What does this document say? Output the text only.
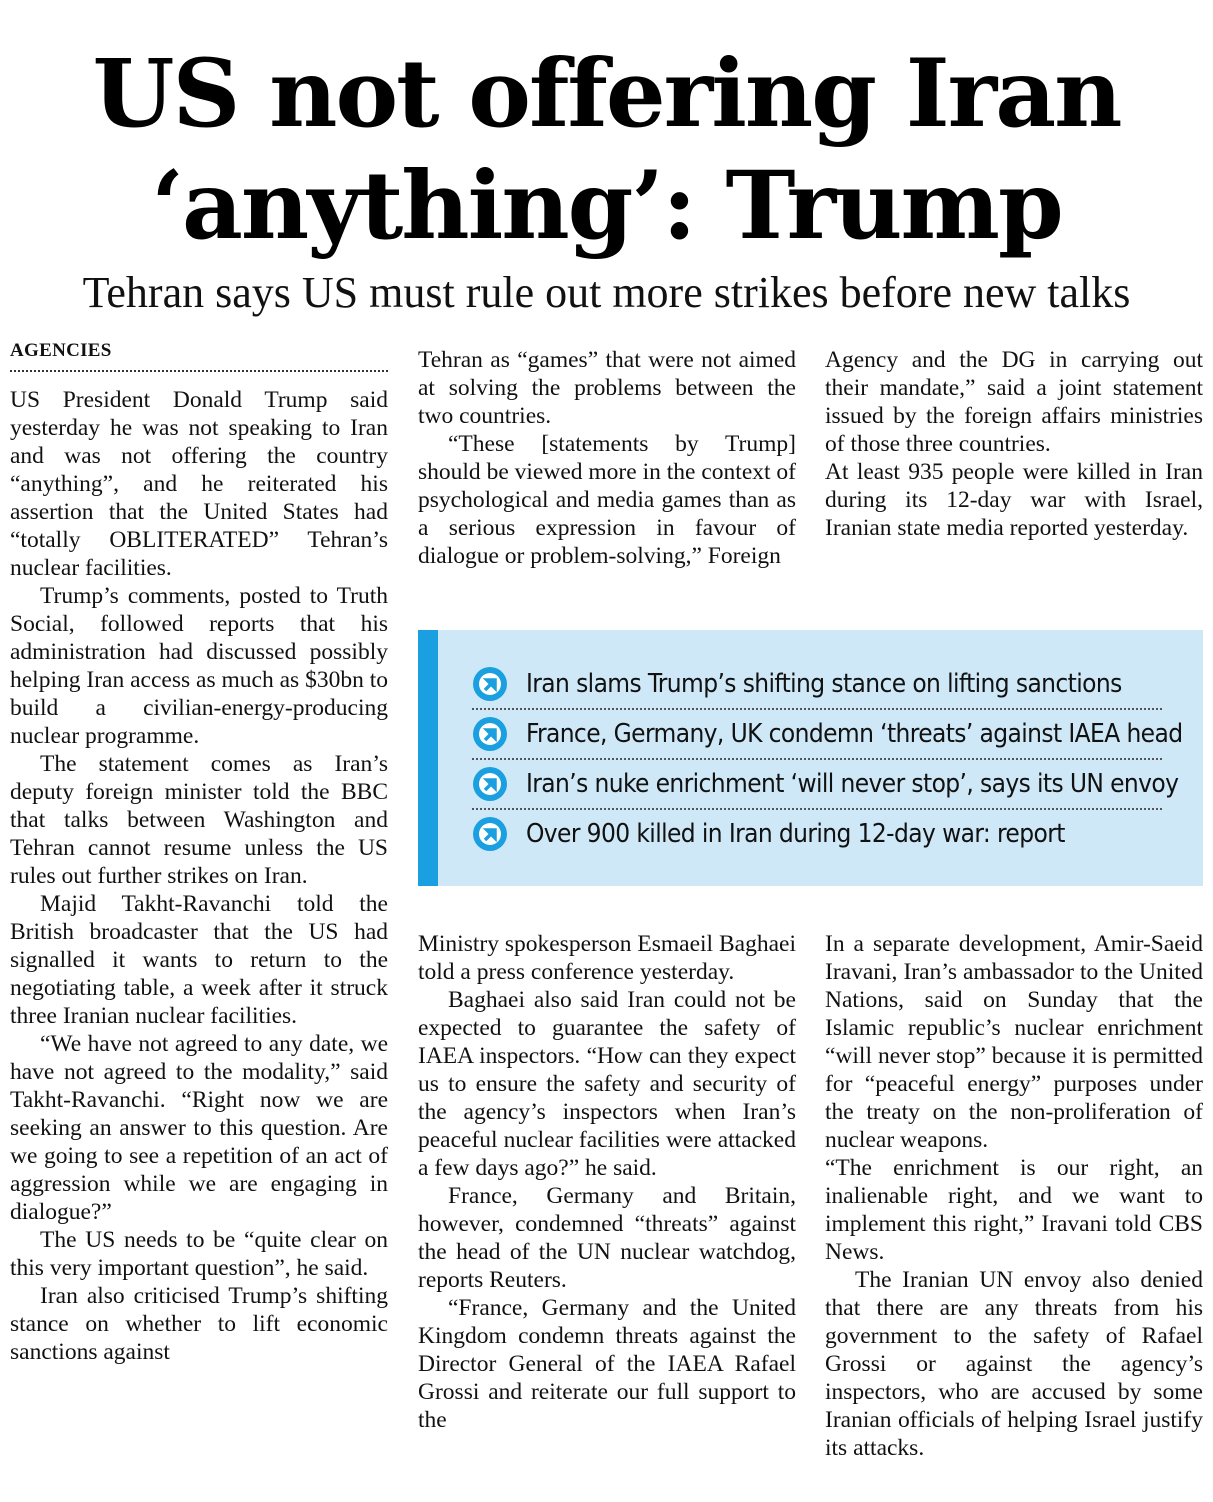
US not offering Iran
‘anything’: Trump
Tehran says US must rule out more strikes before new talks
AGENCIES

US President Donald Trump said yesterday he was not speaking to Iran and was not offering the country “anything”, and he reiterated his assertion that the United States had “totally OBLITERATED” Tehran’s nuclear facilities.

Trump’s comments, posted to Truth Social, followed reports that his administration had discussed possibly helping Iran access as much as $30bn to build a civilian-energy-producing nuclear programme.

The statement comes as Iran’s deputy foreign minister told the BBC that talks between Washington and Tehran cannot resume unless the US rules out further strikes on Iran.

Majid Takht-Ravanchi told the British broadcaster that the US had signalled it wants to return to the negotiating table, a week after it struck three Iranian nuclear facilities.

“We have not agreed to any date, we have not agreed to the modality,” said Takht-Ravanchi. “Right now we are seeking an answer to this question. Are we going to see a repetition of an act of aggression while we are engaging in dialogue?”

The US needs to be “quite clear on this very important question”, he said.

Iran also criticised Trump’s shifting stance on whether to lift economic sanctions against

Tehran as “games” that were not aimed at solving the problems between the two countries.

“These [statements by Trump] should be viewed more in the context of psychological and media games than as a serious expression in favour of dialogue or problem-solving,” Foreign

Agency and the DG in carrying out their mandate,” said a joint statement issued by the foreign affairs ministries of those three countries.

At least 935 people were killed in Iran during its 12-day war with Israel, Iranian state media reported yesterday.

Iran slams Trump’s shifting stance on lifting sanctions
France, Germany, UK condemn ‘threats’ against IAEA head
Iran’s nuke enrichment ‘will never stop’, says its UN envoy
Over 900 killed in Iran during 12-day war: report

Ministry spokesperson Esmaeil Baghaei told a press conference yesterday.

Baghaei also said Iran could not be expected to guarantee the safety of IAEA inspectors. “How can they expect us to ensure the safety and security of the agency’s inspectors when Iran’s peaceful nuclear facilities were attacked a few days ago?” he said.

France, Germany and Britain, however, condemned “threats” against the head of the UN nuclear watchdog, reports Reuters.

“France, Germany and the United Kingdom condemn threats against the Director General of the IAEA Rafael Grossi and reiterate our full support to the

In a separate development, Amir-Saeid Iravani, Iran’s ambassador to the United Nations, said on Sunday that the Islamic republic’s nuclear enrichment “will never stop” because it is permitted for “peaceful energy” purposes under the treaty on the non-proliferation of nuclear weapons.

“The enrichment is our right, an inalienable right, and we want to implement this right,” Iravani told CBS News.

The Iranian UN envoy also denied that there are any threats from his government to the safety of Rafael Grossi or against the agency’s inspectors, who are accused by some Iranian officials of helping Israel justify its attacks.
